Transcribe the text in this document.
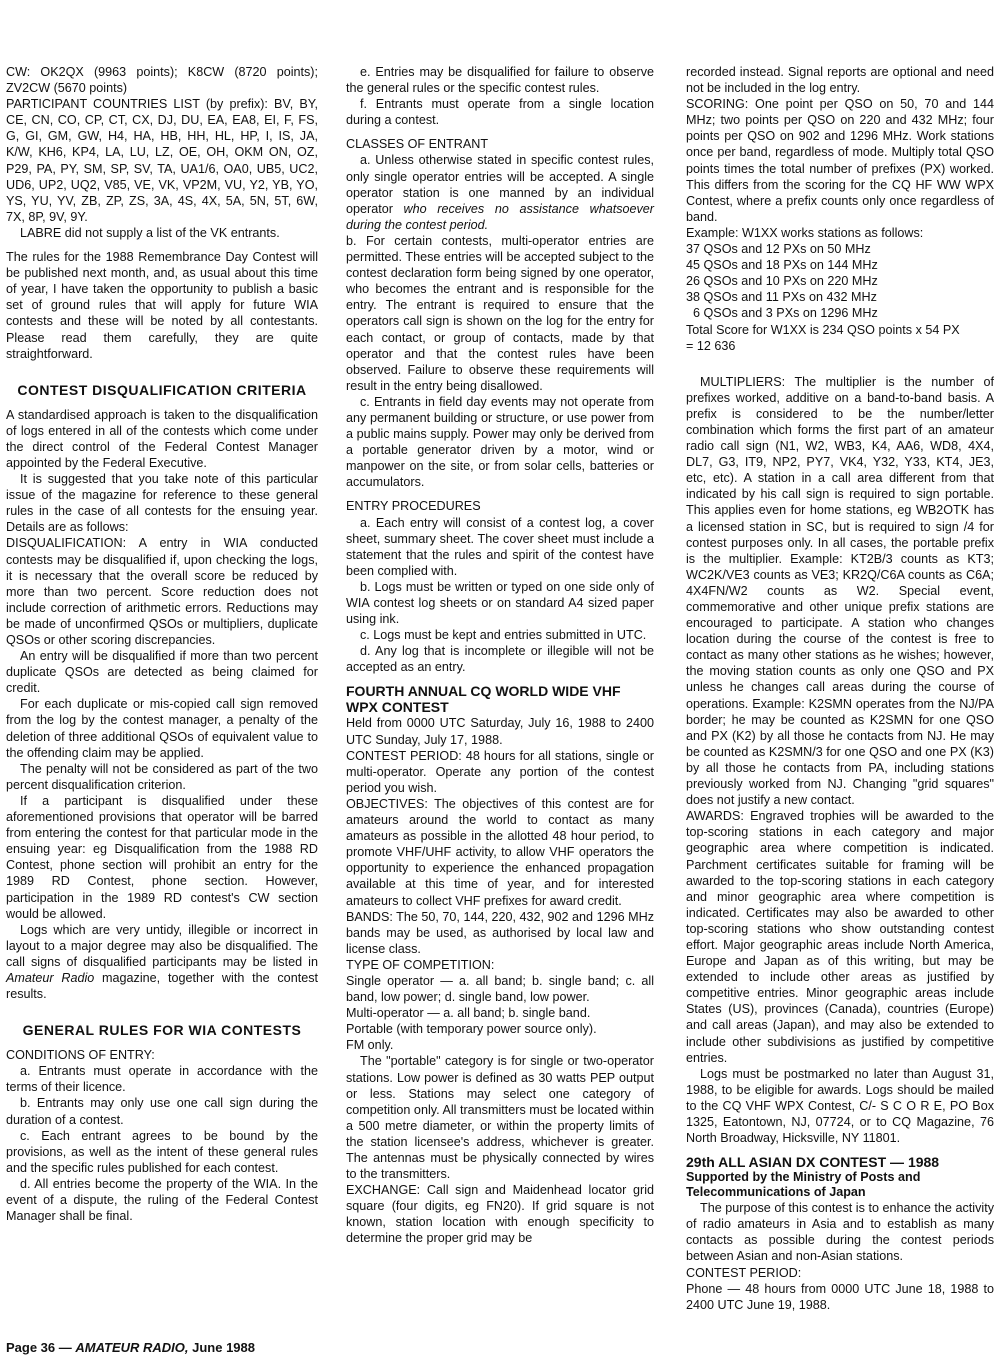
CW: OK2QX (9963 points); K8CW (8720 points); ZV2CW (5670 points)

PARTICIPANT COUNTRIES LIST (by prefix): BV, BY, CE, CN, CO, CP, CT, CX, DJ, DU, EA, EA8, EI, F, FS, G, GI, GM, GW, H4, HA, HB, HH, HL, HP, I, IS, JA, K/W, KH6, KP4, LA, LU, LZ, OE, OH, OKM ON, OZ, P29, PA, PY, SM, SP, SV, TA, UA1/6, OA0, UB5, UC2, UD6, UP2, UQ2, V85, VE, VK, VP2M, VU, Y2, YB, YO, YS, YU, YV, ZB, ZP, ZS, 3A, 4S, 4X, 5A, 5N, 5T, 6W, 7X, 8P, 9V, 9Y.

LABRE did not supply a list of the VK entrants.

The rules for the 1988 Remembrance Day Contest will be published next month, and, as usual about this time of year, I have taken the opportunity to publish a basic set of ground rules that will apply for future WIA contests and these will be noted by all contestants. Please read them carefully, they are quite straightforward.

CONTEST DISQUALIFICATION CRITERIA

A standardised approach is taken to the disqualification of logs entered in all of the contests which come under the direct control of the Federal Contest Manager appointed by the Federal Executive.

It is suggested that you take note of this particular issue of the magazine for reference to these general rules in the case of all contests for the ensuing year. Details are as follows:

DISQUALIFICATION: A entry in WIA conducted contests may be disqualified if, upon checking the logs, it is necessary that the overall score be reduced by more than two percent. Score reduction does not include correction of arithmetic errors. Reductions may be made of unconfirmed QSOs or multipliers, duplicate QSOs or other scoring discrepancies.

An entry will be disqualified if more than two percent duplicate QSOs are detected as being claimed for credit.

For each duplicate or mis-copied call sign removed from the log by the contest manager, a penalty of the deletion of three additional QSOs of equivalent value to the offending claim may be applied.

The penalty will not be considered as part of the two percent disqualification criterion.

If a participant is disqualified under these aforementioned provisions that operator will be barred from entering the contest for that particular mode in the ensuing year: eg Disqualification from the 1988 RD Contest, phone section will prohibit an entry for the 1989 RD Contest, phone section. However, participation in the 1989 RD contest's CW section would be allowed.

Logs which are very untidy, illegible or incorrect in layout to a major degree may also be disqualified. The call signs of disqualified participants may be listed in Amateur Radio magazine, together with the contest results.

GENERAL RULES FOR WIA CONTESTS

CONDITIONS OF ENTRY:

a. Entrants must operate in accordance with the terms of their licence.

b. Entrants may only use one call sign during the duration of a contest.

c. Each entrant agrees to be bound by the provisions, as well as the intent of these general rules and the specific rules published for each contest.

d. All entries become the property of the WIA. In the event of a dispute, the ruling of the Federal Contest Manager shall be final.

e. Entries may be disqualified for failure to observe the general rules or the specific contest rules.

f. Entrants must operate from a single location during a contest.

CLASSES OF ENTRANT

a. Unless otherwise stated in specific contest rules, only single operator entries will be accepted. A single operator station is one manned by an individual operator who receives no assistance whatsoever during the contest period.

b. For certain contests, multi-operator entries are permitted. These entries will be accepted subject to the contest declaration form being signed by one operator, who becomes the entrant and is responsible for the entry. The entrant is required to ensure that the operators call sign is shown on the log for the entry for each contact, or group of contacts, made by that operator and that the contest rules have been observed. Failure to observe these requirements will result in the entry being disallowed.

c. Entrants in field day events may not operate from any permanent building or structure, or use power from a public mains supply. Power may only be derived from a portable generator driven by a motor, wind or manpower on the site, or from solar cells, batteries or accumulators.

ENTRY PROCEDURES

a. Each entry will consist of a contest log, a cover sheet, summary sheet. The cover sheet must include a statement that the rules and spirit of the contest have been complied with.

b. Logs must be written or typed on one side only of WIA contest log sheets or on standard A4 sized paper using ink.

c. Logs must be kept and entries submitted in UTC.

d. Any log that is incomplete or illegible will not be accepted as an entry.

FOURTH ANNUAL CQ WORLD WIDE VHF WPX CONTEST

Held from 0000 UTC Saturday, July 16, 1988 to 2400 UTC Sunday, July 17, 1988.

CONTEST PERIOD: 48 hours for all stations, single or multi-operator. Operate any portion of the contest period you wish.

OBJECTIVES: The objectives of this contest are for amateurs around the world to contact as many amateurs as possible in the allotted 48 hour period, to promote VHF/UHF activity, to allow VHF operators the opportunity to experience the enhanced propagation available at this time of year, and for interested amateurs to collect VHF prefixes for award credit.

BANDS: The 50, 70, 144, 220, 432, 902 and 1296 MHz bands may be used, as authorised by local law and license class.

TYPE OF COMPETITION:

Single operator — a. all band; b. single band; c. all band, low power; d. single band, low power.

Multi-operator — a. all band; b. single band.

Portable (with temporary power source only).

FM only.

The "portable" category is for single or two-operator stations. Low power is defined as 30 watts PEP output or less. Stations may select one category of competition only. All transmitters must be located within a 500 metre diameter, or within the property limits of the station licensee's address, whichever is greater. The antennas must be physically connected by wires to the transmitters.

EXCHANGE: Call sign and Maidenhead locator grid square (four digits, eg FN20). If grid square is not known, station location with enough specificity to determine the proper grid may be

recorded instead. Signal reports are optional and need not be included in the log entry.

SCORING: One point per QSO on 50, 70 and 144 MHz; two points per QSO on 220 and 432 MHz; four points per QSO on 902 and 1296 MHz. Work stations once per band, regardless of mode. Multiply total QSO points times the total number of prefixes (PX) worked. This differs from the scoring for the CQ HF WW WPX Contest, where a prefix counts only once regardless of band.

Example: W1XX works stations as follows:

37 QSOs and 12 PXs on 50 MHz

45 QSOs and 18 PXs on 144 MHz

26 QSOs and 10 PXs on 220 MHz

38 QSOs and 11 PXs on 432 MHz

6 QSOs and 3 PXs on 1296 MHz

Total Score for W1XX is 234 QSO points x 54 PX

= 12 636

MULTIPLIERS: The multiplier is the number of prefixes worked, additive on a band-to-band basis. A prefix is considered to be the number/letter combination which forms the first part of an amateur radio call sign (N1, W2, WB3, K4, AA6, WD8, 4X4, DL7, G3, IT9, NP2, PY7, VK4, Y32, Y33, KT4, JE3, etc, etc). A station in a call area different from that indicated by his call sign is required to sign portable. This applies even for home stations, eg WB2OTK has a licensed station in SC, but is required to sign /4 for contest purposes only. In all cases, the portable prefix is the multiplier. Example: KT2B/3 counts as KT3; WC2K/VE3 counts as VE3; KR2Q/C6A counts as C6A; 4X4FN/W2 counts as W2. Special event, commemorative and other unique prefix stations are encouraged to participate. A station who changes location during the course of the contest is free to contact as many other stations as he wishes; however, the moving station counts as only one QSO and PX unless he changes call areas during the course of operations. Example: K2SMN operates from the NJ/PA border; he may be counted as K2SMN for one QSO and PX (K2) by all those he contacts from NJ. He may be counted as K2SMN/3 for one QSO and one PX (K3) by all those he contacts from PA, including stations previously worked from NJ. Changing "grid squares" does not justify a new contact.

AWARDS: Engraved trophies will be awarded to the top-scoring stations in each category and major geographic area where competition is indicated. Parchment certificates suitable for framing will be awarded to the top-scoring stations in each category and minor geographic area where competition is indicated. Certificates may also be awarded to other top-scoring stations who show outstanding contest effort. Major geographic areas include North America, Europe and Japan as of this writing, but may be extended to include other areas as justified by competitive entries. Minor geographic areas include States (US), provinces (Canada), countries (Europe) and call areas (Japan), and may also be extended to include other subdivisions as justified by competitive entries.

Logs must be postmarked no later than August 31, 1988, to be eligible for awards. Logs should be mailed to the CQ VHF WPX Contest, C/- S C O R E, PO Box 1325, Eatontown, NJ, 07724, or to CQ Magazine, 76 North Broadway, Hicksville, NY 11801.

29th ALL ASIAN DX CONTEST — 1988

Supported by the Ministry of Posts and Telecommunications of Japan

The purpose of this contest is to enhance the activity of radio amateurs in Asia and to establish as many contacts as possible during the contest periods between Asian and non-Asian stations.

CONTEST PERIOD:

Phone — 48 hours from 0000 UTC June 18, 1988 to 2400 UTC June 19, 1988.

Page 36 — AMATEUR RADIO, June 1988
